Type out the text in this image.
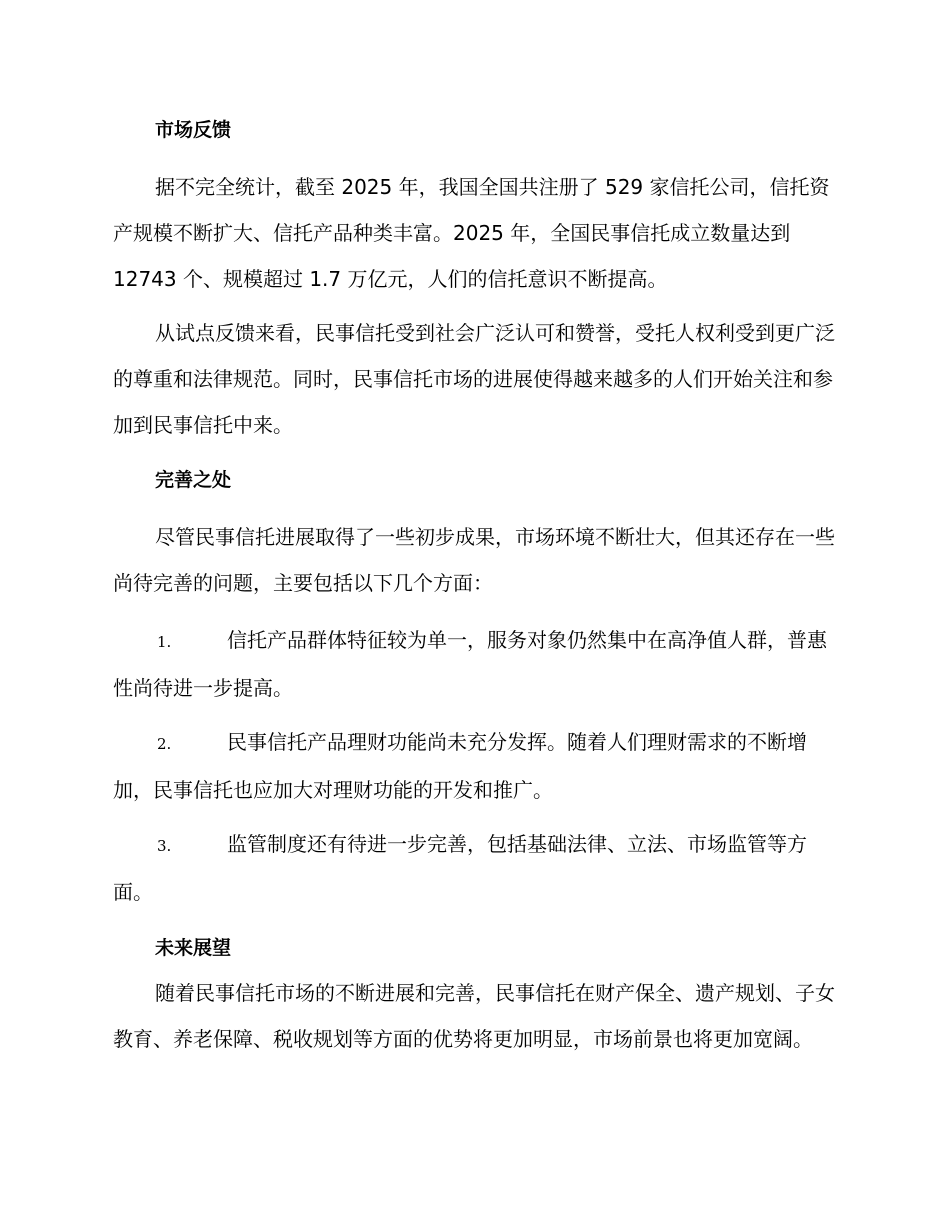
市场反馈

据不完全统计，截至 2025 年，我国全国共注册了 529 家信托公司，信托资产规模不断扩大、信托产品种类丰富。2025 年，全国民事信托成立数量达到 12743 个、规模超过 1.7 万亿元，人们的信托意识不断提高。

从试点反馈来看，民事信托受到社会广泛认可和赞誉，受托人权利受到更广泛的尊重和法律规范。同时，民事信托市场的进展使得越来越多的人们开始关注和参加到民事信托中来。

完善之处

尽管民事信托进展取得了一些初步成果，市场环境不断壮大，但其还存在一些尚待完善的问题，主要包括以下几个方面：

1.	信托产品群体特征较为单一，服务对象仍然集中在高净值人群，普惠性尚待进一步提高。

2.	民事信托产品理财功能尚未充分发挥。随着人们理财需求的不断增加，民事信托也应加大对理财功能的开发和推广。

3.	监管制度还有待进一步完善，包括基础法律、立法、市场监管等方面。

未来展望

随着民事信托市场的不断进展和完善，民事信托在财产保全、遗产规划、子女教育、养老保障、税收规划等方面的优势将更加明显，市场前景也将更加宽阔。
